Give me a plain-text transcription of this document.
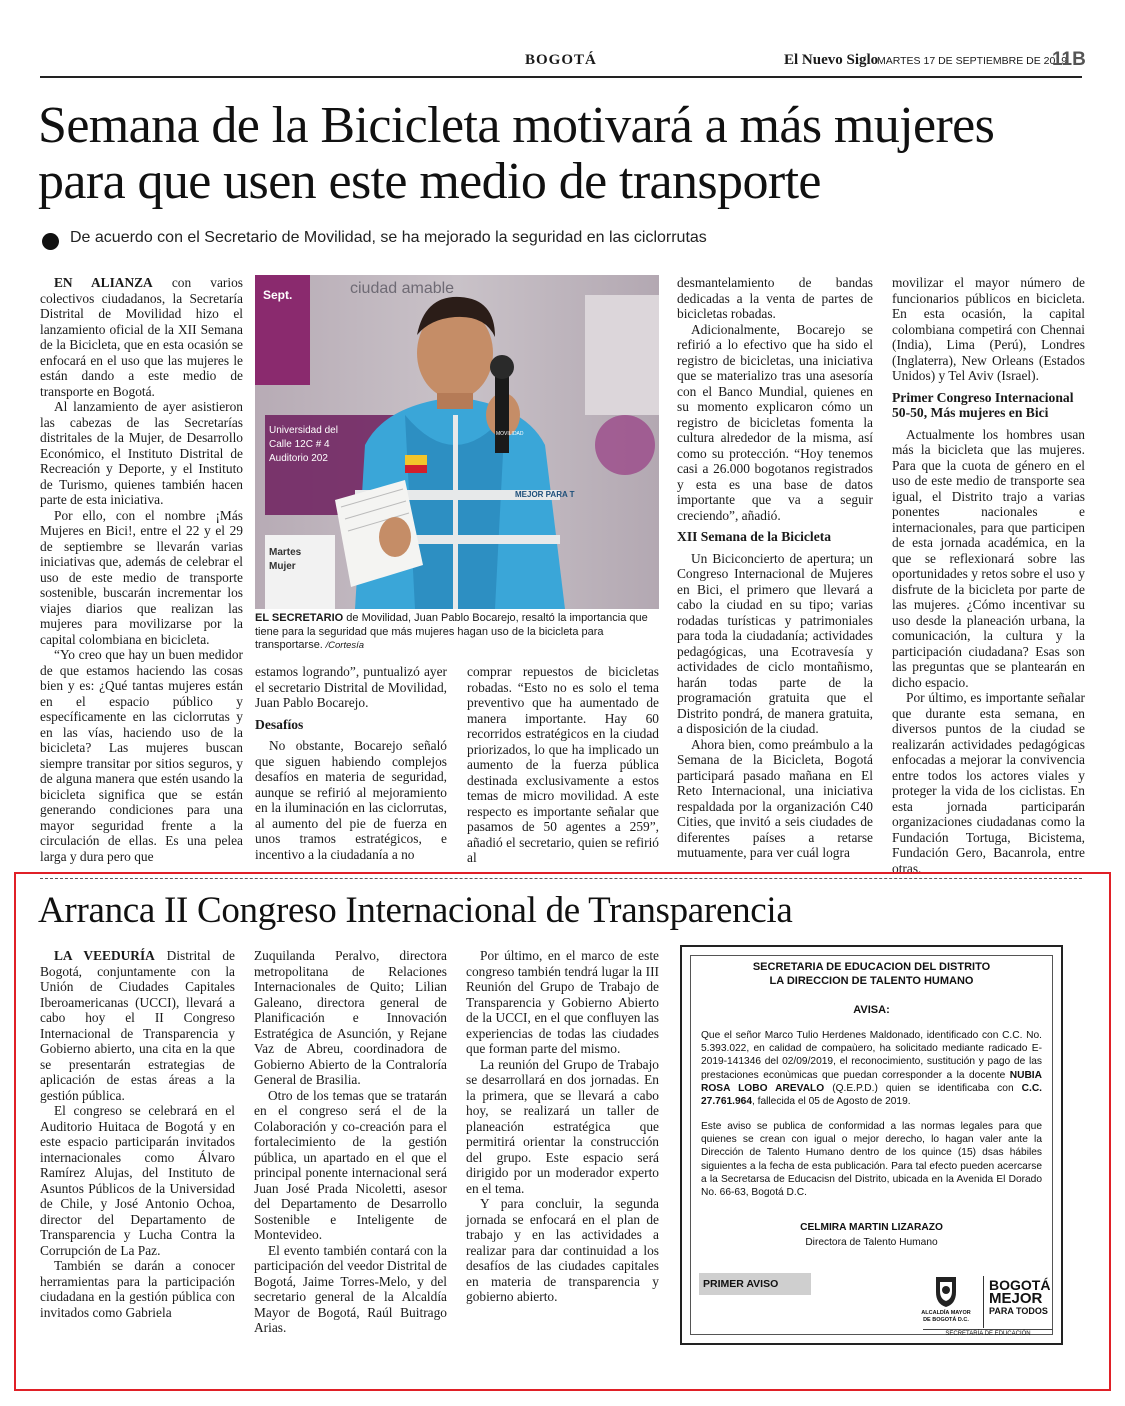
BOGOTÁ	El Nuevo Siglo
MARTES 17 DE SEPTIEMBRE DE 2019
11B
Semana de la Bicicleta motivará a más mujeres
para que usen este medio de transporte
De acuerdo con el Secretario de Movilidad, se ha mejorado la seguridad en las ciclorrutas

EN ALIANZA con varios colectivos ciudadanos, la Secretaría Distrital de Movilidad hizo el lanzamiento oficial de la XII Semana de la Bicicleta, que en esta ocasión se enfocará en el uso que las mujeres le están dando a este medio de transporte en Bogotá.

Al lanzamiento de ayer asistieron las cabezas de las Secretarías distritales de la Mujer, de Desarrollo Económico, el Instituto Distrital de Recreación y Deporte, y el Instituto de Turismo, quienes también hacen parte de esta iniciativa.

Por ello, con el nombre ¡Más Mujeres en Bici!, entre el 22 y el 29 de septiembre se llevarán varias iniciativas que, además de celebrar el uso de este medio de transporte sostenible, buscarán incrementar los viajes diarios que realizan las mujeres para movilizarse por la capital colombiana en bicicleta.

“Yo creo que hay un buen medidor de que estamos haciendo las cosas bien y es: ¿Qué tantas mujeres están en el espacio público y específicamente en las ciclorrutas y en las vías, haciendo uso de la bicicleta? Las mujeres buscan siempre transitar por sitios seguros, y de alguna manera que estén usando la bicicleta significa que se están generando condiciones para una mayor seguridad frente a la circulación de ellas. Es una pelea larga y dura pero que

Sept.	ciudad amable
Universidad del
Calle 12C # 4
Auditorio 202
Martes
Mujer
MEJOR PARA T
MOVILIDAD
EL SECRETARIO de Movilidad, Juan Pablo Bocarejo, resaltó la importancia que tiene para la seguridad que más mujeres hagan uso de la bicicleta para transportarse. /Cortesía

estamos logrando”, puntualizó ayer el secretario Distrital de Movilidad, Juan Pablo Bocarejo.

Desafíos

No obstante, Bocarejo señaló que siguen habiendo complejos desafíos en materia de seguridad, aunque se refirió al mejoramiento en la iluminación en las ciclorrutas, al aumento del pie de fuerza en unos tramos estratégicos, e incentivo a la ciudadanía a no

comprar repuestos de bicicletas robadas. “Esto no es solo el tema preventivo que ha aumentado de manera importante. Hay 60 recorridos estratégicos en la ciudad priorizados, lo que ha implicado un aumento de la fuerza pública destinada exclusivamente a estos temas de micro movilidad. A este respecto es importante señalar que pasamos de 50 agentes a 259”, añadió el secretario, quien se refirió al

desmantelamiento de bandas dedicadas a la venta de partes de bicicletas robadas.

Adicionalmente, Bocarejo se refirió a lo efectivo que ha sido el registro de bicicletas, una iniciativa que se materializo tras una asesoría con el Banco Mundial, quienes en su momento explicaron cómo un registro de bicicletas fomenta la cultura alrededor de la misma, así como su protección. “Hoy tenemos casi a 26.000 bogotanos registrados y esta es una base de datos importante que va a seguir creciendo”, añadió.

XII Semana de la Bicicleta

Un Biciconcierto de apertura; un Congreso Internacional de Mujeres en Bici, el primero que llevará a cabo la ciudad en su tipo; varias rodadas turísticas y patrimoniales para toda la ciudadanía; actividades pedagógicas, una Ecotravesía y actividades de ciclo montañismo, harán todas parte de la programación gratuita que el Distrito pondrá, de manera gratuita, a disposición de la ciudad.

Ahora bien, como preámbulo a la Semana de la Bicicleta, Bogotá participará pasado mañana en El Reto Internacional, una iniciativa respaldada por la organización C40 Cities, que invitó a seis ciudades de diferentes países a retarse mutuamente, para ver cuál logra

movilizar el mayor número de funcionarios públicos en bicicleta. En esta ocasión, la capital colombiana competirá con Chennai (India), Lima (Perú), Londres (Inglaterra), New Orleans (Estados Unidos) y Tel Aviv (Israel).

Primer Congreso Internacional 50-50, Más mujeres en Bici

Actualmente los hombres usan más la bicicleta que las mujeres. Para que la cuota de género en el uso de este medio de transporte sea igual, el Distrito trajo a varias ponentes nacionales e internacionales, para que participen de esta jornada académica, en la que se reflexionará sobre las oportunidades y retos sobre el uso y disfrute de la bicicleta por parte de las mujeres. ¿Cómo incentivar su uso desde la planeación urbana, la comunicación, la cultura y la participación ciudadana? Esas son las preguntas que se plantearán en dicho espacio.

Por último, es importante señalar que durante esta semana, en diversos puntos de la ciudad se realizarán actividades pedagógicas enfocadas a mejorar la convivencia entre todos los actores viales y proteger la vida de los ciclistas. En esta jornada participarán organizaciones ciudadanas como la Fundación Tortuga, Bicistema, Fundación Gero, Bacanrola, entre otras.

Arranca II Congreso Internacional de Transparencia

LA VEEDURÍA Distrital de Bogotá, conjuntamente con la Unión de Ciudades Capitales Iberoamericanas (UCCI), llevará a cabo hoy el II Congreso Internacional de Transparencia y Gobierno abierto, una cita en la que se presentarán estrategias de aplicación de estas áreas a la gestión pública.

El congreso se celebrará en el Auditorio Huitaca de Bogotá y en este espacio participarán invitados internacionales como Álvaro Ramírez Alujas, del Instituto de Asuntos Públicos de la Universidad de Chile, y José Antonio Ochoa, director del Departamento de Transparencia y Lucha Contra la Corrupción de La Paz.

También se darán a conocer herramientas para la participación ciudadana en la gestión pública con invitados como Gabriela

Zuquilanda Peralvo, directora metropolitana de Relaciones Internacionales de Quito; Lilian Galeano, directora general de Planificación e Innovación Estratégica de Asunción, y Rejane Vaz de Abreu, coordinadora de Gobierno Abierto de la Contraloría General de Brasilia.

Otro de los temas que se tratarán en el congreso será el de la Colaboración y co-creación para el fortalecimiento de la gestión pública, un apartado en el que el principal ponente internacional será Juan José Prada Nicoletti, asesor del Departamento de Desarrollo Sostenible e Inteligente de Montevideo.

El evento también contará con la participación del veedor Distrital de Bogotá, Jaime Torres-Melo, y del secretario general de la Alcaldía Mayor de Bogotá, Raúl Buitrago Arias.

Por último, en el marco de este congreso también tendrá lugar la III Reunión del Grupo de Trabajo de Transparencia y Gobierno Abierto de la UCCI, en el que confluyen las experiencias de todas las ciudades que forman parte del mismo.

La reunión del Grupo de Trabajo se desarrollará en dos jornadas. En la primera, que se llevará a cabo hoy, se realizará un taller de planeación estratégica que permitirá orientar la construcción del grupo. Este espacio será dirigido por un moderador experto en el tema.

Y para concluir, la segunda jornada se enfocará en el plan de trabajo y en las actividades a realizar para dar continuidad a los desafíos de las ciudades capitales en materia de transparencia y gobierno abierto.

SECRETARIA DE EDUCACION DEL DISTRITO
LA DIRECCION DE TALENTO HUMANO
AVISA:
Que el señor Marco Tulio Herdenes Maldonado, identificado con C.C. No. 5.393.022, en calidad de compaùero, ha solicitado mediante radicado E-2019-141346 del 02/09/2019, el reconocimiento, sustitución y pago de las prestaciones econùmicas que puedan corresponder a la docente NUBIA ROSA LOBO AREVALO (Q.E.P.D.) quien se identificaba con C.C. 27.761.964, fallecida el 05 de Agosto de 2019.
Este aviso se publica de conformidad a las normas legales para que quienes se crean con igual o mejor derecho, lo hagan valer ante la Dirección de Talento Humano dentro de los quince (15) dsas hábiles siguientes a la fecha de esta publicación. Para tal efecto pueden acercarse a la Secretarsa de Educacisn del Distrito, ubicada en la Avenida El Dorado No. 66-63, Bogotá D.C.
CELMIRA MARTIN LIZARAZO
Directora de Talento Humano
PRIMER AVISO
ALCALDÍA MAYOR
DE BOGOTÁ D.C.
BOGOTÁ
MEJOR
PARA TODOS
SECRETARÍA DE EDUCACIÓN
